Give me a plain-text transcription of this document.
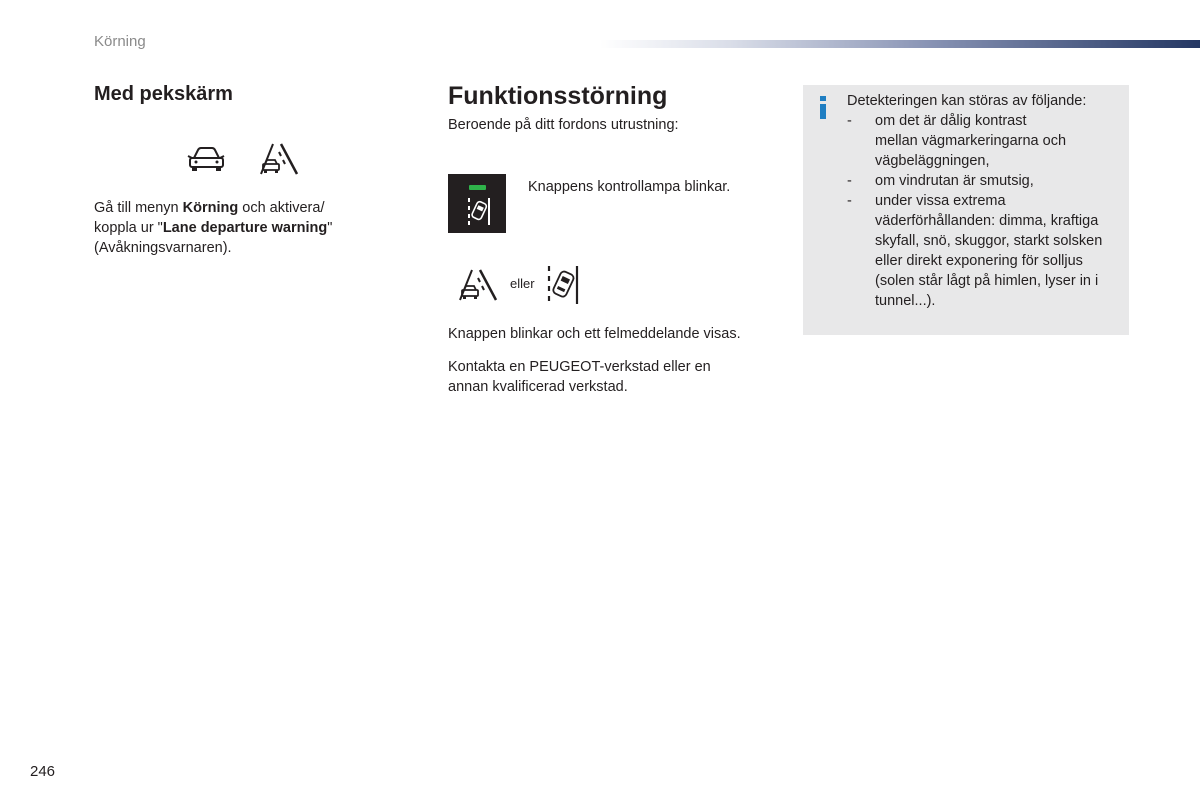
Körning
Med pekskärm
Gå till menyn Körning och aktivera/
koppla ur "Lane departure warning"
(Avåkningsvarnaren).
Funktionsstörning
Beroende på ditt fordons utrustning:
Knappens kontrollampa blinkar.
eller
Knappen blinkar och ett felmeddelande visas.
Kontakta en PEUGEOT-verkstad eller en
annan kvalificerad verkstad.
Detekteringen kan störas av följande:
- om det är dålig kontrast
mellan vägmarkeringarna och
vägbeläggningen,
- om vindrutan är smutsig,
- under vissa extrema
väderförhållanden: dimma, kraftiga
skyfall, snö, skuggor, starkt solsken
eller direkt exponering för solljus
(solen står lågt på himlen, lyser in i
tunnel...).
246
